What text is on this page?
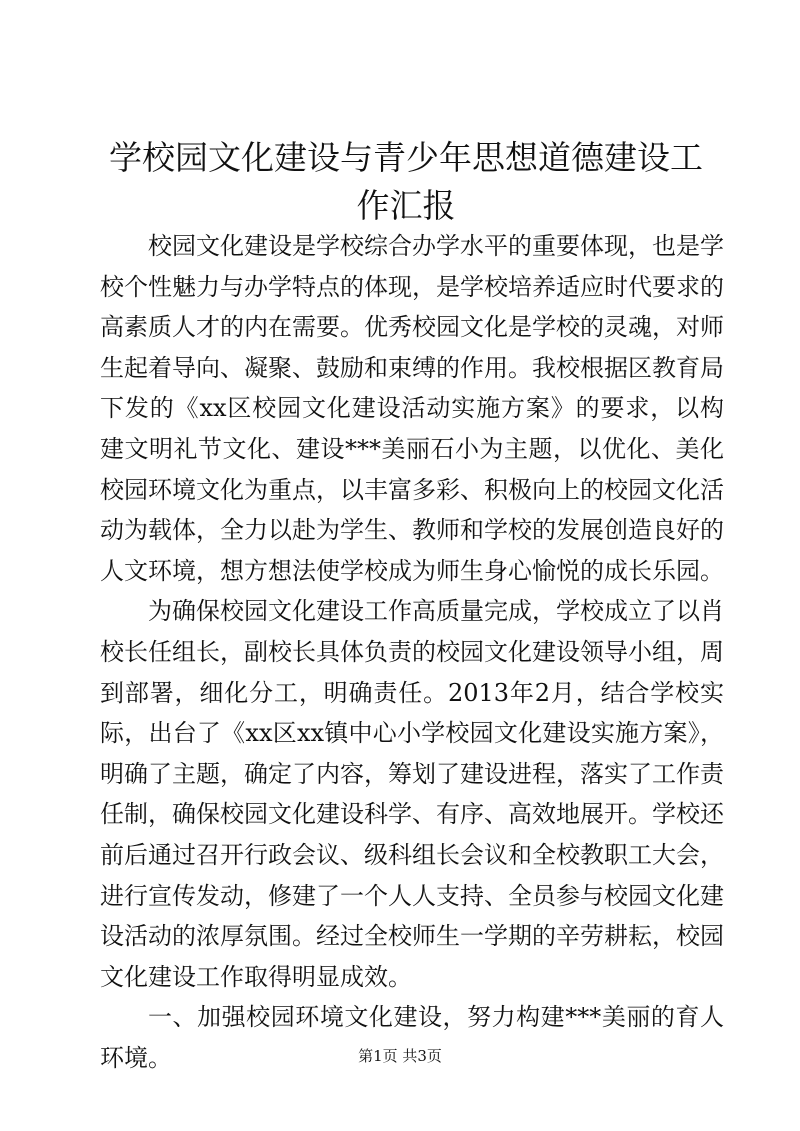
学校园文化建设与青少年思想道德建设工作汇报

校园文化建设是学校综合办学水平的重要体现，也是学校个性魅力与办学特点的体现，是学校培养适应时代要求的高素质人才的内在需要。优秀校园文化是学校的灵魂，对师生起着导向、凝聚、鼓励和束缚的作用。我校根据区教育局下发的《xx区校园文化建设活动实施方案》的要求，以构建文明礼节文化、建设***美丽石小为主题，以优化、美化校园环境文化为重点，以丰富多彩、积极向上的校园文化活动为载体，全力以赴为学生、教师和学校的发展创造良好的人文环境，想方想法使学校成为师生身心愉悦的成长乐园。

为确保校园文化建设工作高质量完成，学校成立了以肖校长任组长，副校长具体负责的校园文化建设领导小组，周到部署，细化分工，明确责任。2013年2月，结合学校实际，出台了《xx区xx镇中心小学校园文化建设实施方案》，明确了主题，确定了内容，筹划了建设进程，落实了工作责任制，确保校园文化建设科学、有序、高效地展开。学校还前后通过召开行政会议、级科组长会议和全校教职工大会，进行宣传发动，修建了一个人人支持、全员参与校园文化建设活动的浓厚氛围。经过全校师生一学期的辛劳耕耘，校园文化建设工作取得明显成效。

一、加强校园环境文化建设，努力构建***美丽的育人环境。	第1页 共3页
